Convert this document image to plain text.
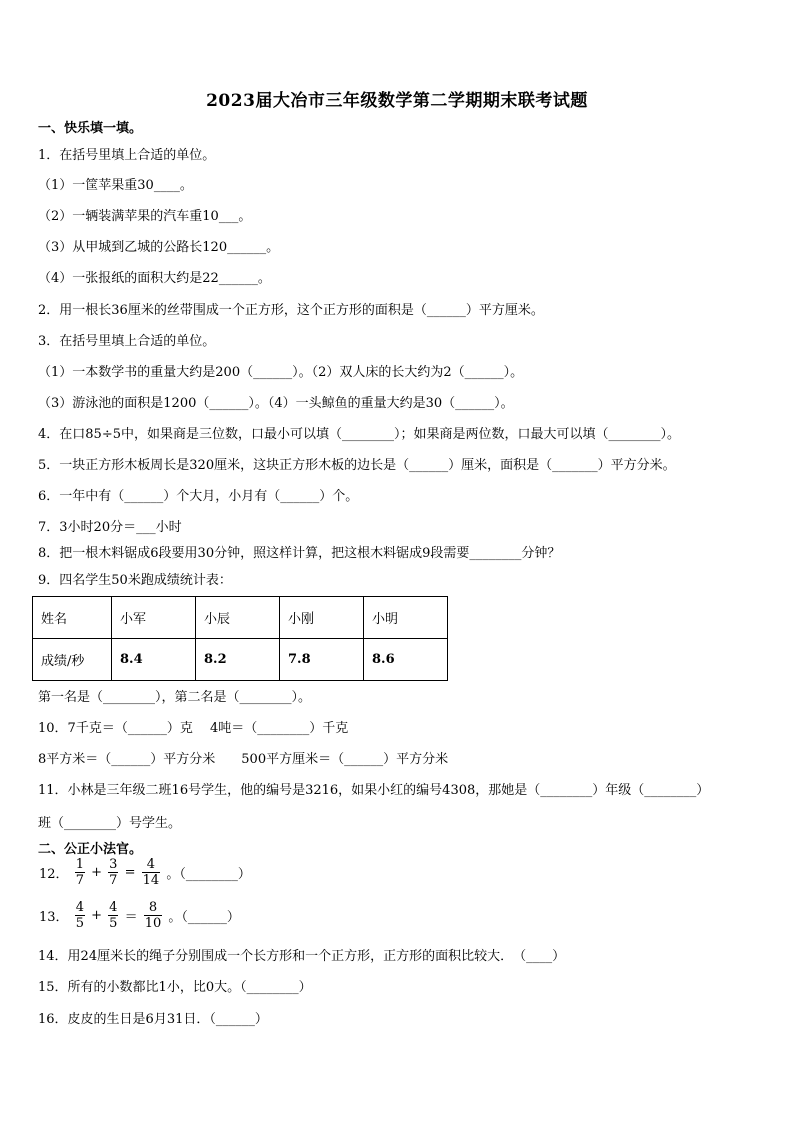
2023届大冶市三年级数学第二学期期末联考试题
一、快乐填一填。
1．在括号里填上合适的单位。
（1）一筐苹果重30____。
（2）一辆装满苹果的汽车重10___。
（3）从甲城到乙城的公路长120______。
（4）一张报纸的面积大约是22______。
2．用一根长36厘米的丝带围成一个正方形，这个正方形的面积是（______）平方厘米。
3．在括号里填上合适的单位。
（1）一本数学书的重量大约是200（______）。（2）双人床的长大约为2（______）。
（3）游泳池的面积是1200（______）。（4）一头鲸鱼的重量大约是30（______）。
4．在口85÷5中，如果商是三位数，口最小可以填（________）；如果商是两位数，口最大可以填（________）。
5．一块正方形木板周长是320厘米，这块正方形木板的边长是（______）厘米，面积是（_______）平方分米。
6．一年中有（______）个大月，小月有（______）个。
7．3小时20分＝___小时
8．把一根木料锯成6段要用30分钟，照这样计算，把这根木料锯成9段需要________分钟？
9．四名学生50米跑成绩统计表：
姓名	小军	小辰	小刚	小明
成绩/秒	8.4	8.2	7.8	8.6
第一名是（________），第二名是（________）。
10．7千克＝（______）克　 4吨＝（________）千克
8平方米＝（______）平方分米　　500平方厘米＝（______）平方分米
11．小林是三年级二班16号学生，他的编号是3216，如果小红的编号4308，那她是（________）年级（________）
班（________）号学生。
二、公正小法官。
12． $\frac{1}{7} + \frac{3}{7} = \frac{4}{14}$ 。（________）
13． $\frac{4}{5} + \frac{4}{5} = \frac{8}{10}$ 。（______）
14．用24厘米长的绳子分别围成一个长方形和一个正方形，正方形的面积比较大．　（____）
15．所有的小数都比1小，比0大。（________）
16．皮皮的生日是6月31日．（______）
